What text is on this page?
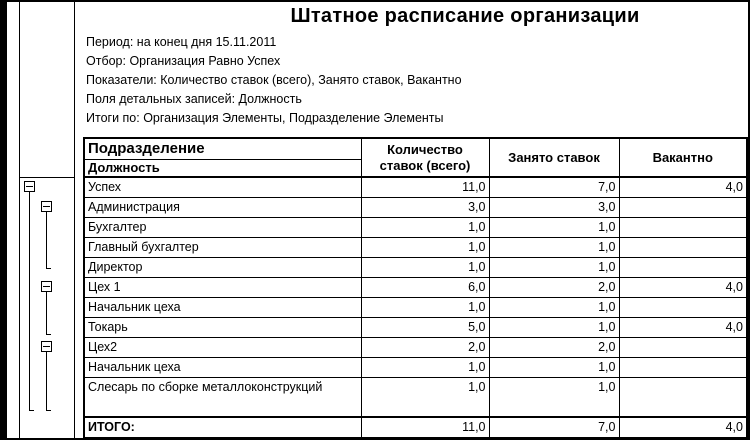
Штатное расписание организации
Период: на конец дня 15.11.2011
Отбор: Организация Равно Успех
Показатели: Количество ставок (всего), Занято ставок, Вакантно
Поля детальных записей: Должность
Итоги по: Организация Элементы, Подразделение Элементы
Подразделение	Количество ставок (всего)	Занято ставок	Вакантно
Должность			
Успех	11,0	7,0	4,0
Администрация	3,0	3,0	
Бухгалтер	1,0	1,0	
Главный бухгалтер	1,0	1,0	
Директор	1,0	1,0	
Цех 1	6,0	2,0	4,0
Начальник цеха	1,0	1,0	
Токарь	5,0	1,0	4,0
Цех2	2,0	2,0	
Начальник цеха	1,0	1,0	
Слесарь по сборке металлоконструкций	1,0	1,0	
ИТОГО:	11,0	7,0	4,0
